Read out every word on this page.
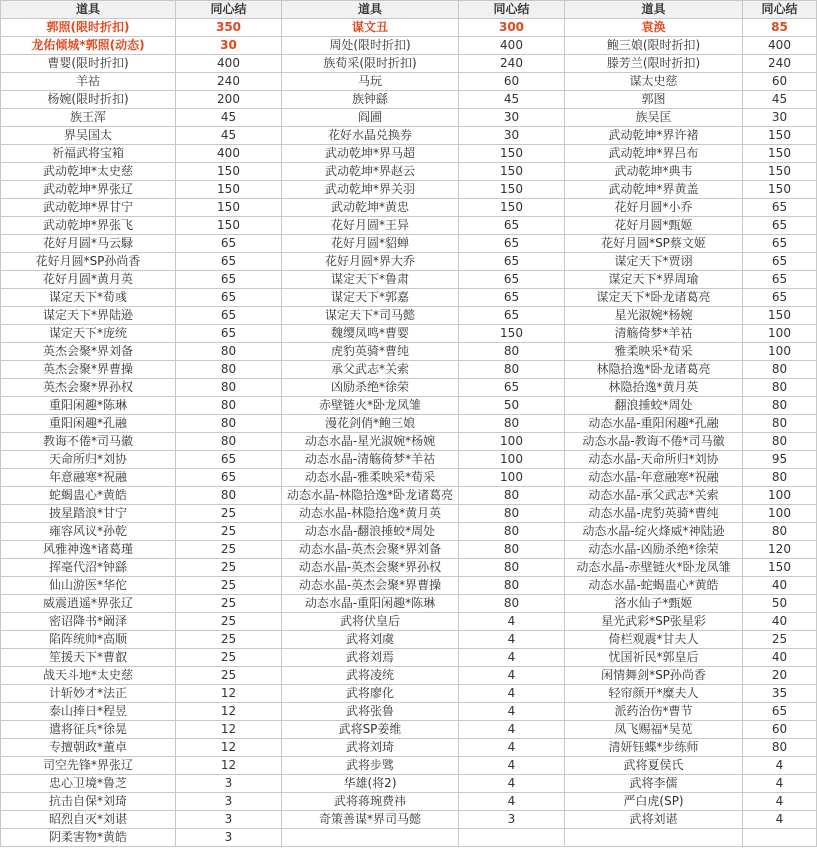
道具	同心结	道具	同心结	道具	同心结
郭照(限时折扣)	350	谋文丑	300	袁涣	85
龙佑倾城*郭照(动态)	30	周处(限时折扣)	400	鲍三娘(限时折扣)	400
曹婴(限时折扣)	400	族荀采(限时折扣)	240	滕芳兰(限时折扣)	240
羊祜	240	马玩	60	谋太史慈	60
杨婉(限时折扣)	200	族钟繇	45	郭图	45
族王浑	45	阎圃	30	族吴匡	30
界吴国太	45	花好水晶兑换券	30	武动乾坤*界许褚	150
祈福武将宝箱	400	武动乾坤*界马超	150	武动乾坤*界吕布	150
武动乾坤*太史慈	150	武动乾坤*界赵云	150	武动乾坤*典韦	150
武动乾坤*界张辽	150	武动乾坤*界关羽	150	武动乾坤*界黄盖	150
武动乾坤*界甘宁	150	武动乾坤*黄忠	150	花好月圆*小乔	65
武动乾坤*界张飞	150	花好月圆*王异	65	花好月圆*甄姬	65
花好月圆*马云騄	65	花好月圆*貂蝉	65	花好月圆*SP蔡文姬	65
花好月圆*SP孙尚香	65	花好月圆*界大乔	65	谋定天下*贾诩	65
花好月圆*黄月英	65	谋定天下*鲁肃	65	谋定天下*界周瑜	65
谋定天下*荀彧	65	谋定天下*郭嘉	65	谋定天下*卧龙诸葛亮	65
谋定天下*界陆逊	65	谋定天下*司马懿	65	星光淑婉*杨婉	150
谋定天下*庞统	65	魏缨凤鸣*曹婴	150	清觞倚梦*羊祜	100
英杰会聚*界刘备	80	虎豹英骑*曹纯	80	雅柔映采*荀采	100
英杰会聚*界曹操	80	承父武志*关索	80	林隐拾逸*卧龙诸葛亮	80
英杰会聚*界孙权	80	凶励杀绝*徐荣	65	林隐拾逸*黄月英	80
重阳闲趣*陈琳	80	赤壁链火*卧龙凤雏	50	翻浪捶蛟*周处	80
重阳闲趣*孔融	80	漫花剑俏*鲍三娘	80	动态水晶-重阳闲趣*孔融	80
教诲不倦*司马徽	80	动态水晶-星光淑婉*杨婉	100	动态水晶-教诲不倦*司马徽	80
天命所归*刘协	65	动态水晶-清觞倚梦*羊祜	100	动态水晶-天命所归*刘协	95
年意融寒*祝融	65	动态水晶-雅柔映采*荀采	100	动态水晶-年意融寒*祝融	80
蛇蝎蛊心*黄皓	80	动态水晶-林隐拾逸*卧龙诸葛亮	80	动态水晶-承父武志*关索	100
披星踏浪*甘宁	25	动态水晶-林隐拾逸*黄月英	80	动态水晶-虎豹英骑*曹纯	100
雍容风议*孙乾	25	动态水晶-翻浪捶蛟*周处	80	动态水晶-绽火烽威*神陆逊	80
风雅神逸*诸葛瑾	25	动态水晶-英杰会聚*界刘备	80	动态水晶-凶励杀绝*徐荣	120
挥毫代沼*钟繇	25	动态水晶-英杰会聚*界孙权	80	动态水晶-赤壁链火*卧龙凤雏	150
仙山游医*华佗	25	动态水晶-英杰会聚*界曹操	80	动态水晶-蛇蝎蛊心*黄皓	40
威震逍遥*界张辽	25	动态水晶-重阳闲趣*陈琳	80	洛水仙子*甄姬	50
密诏降书*阚泽	25	武将伏皇后	4	星光武彩*SP张星彩	40
陷阵统帅*高顺	25	武将刘虞	4	倚栏观震*甘夫人	25
笙援天下*曹叡	25	武将刘焉	4	忧国祈民*郭皇后	40
战天斗地*太史慈	25	武将凌统	4	闲情舞剑*SP孙尚香	20
计斩妙才*法正	12	武将廖化	4	轻帘颜开*糜夫人	35
泰山捧日*程昱	12	武将张鲁	4	派药治伤*曹节	65
遣将征兵*徐晃	12	武将SP姜维	4	凤飞赐福*吴苋	60
专擅朝政*董卓	12	武将刘琦	4	清妍钰蝶*步练师	80
司空先锋*界张辽	12	武将步骘	4	武将夏侯氏	4
忠心卫境*鲁芝	3	华雄(将2)	4	武将李儒	4
抗击自保*刘琦	3	武将蒋琬费祎	4	严白虎(SP)	4
昭烈自灭*刘谌	3	奇策善谋*界司马懿	3	武将刘谌	4
阴柔害物*黄皓	3				
